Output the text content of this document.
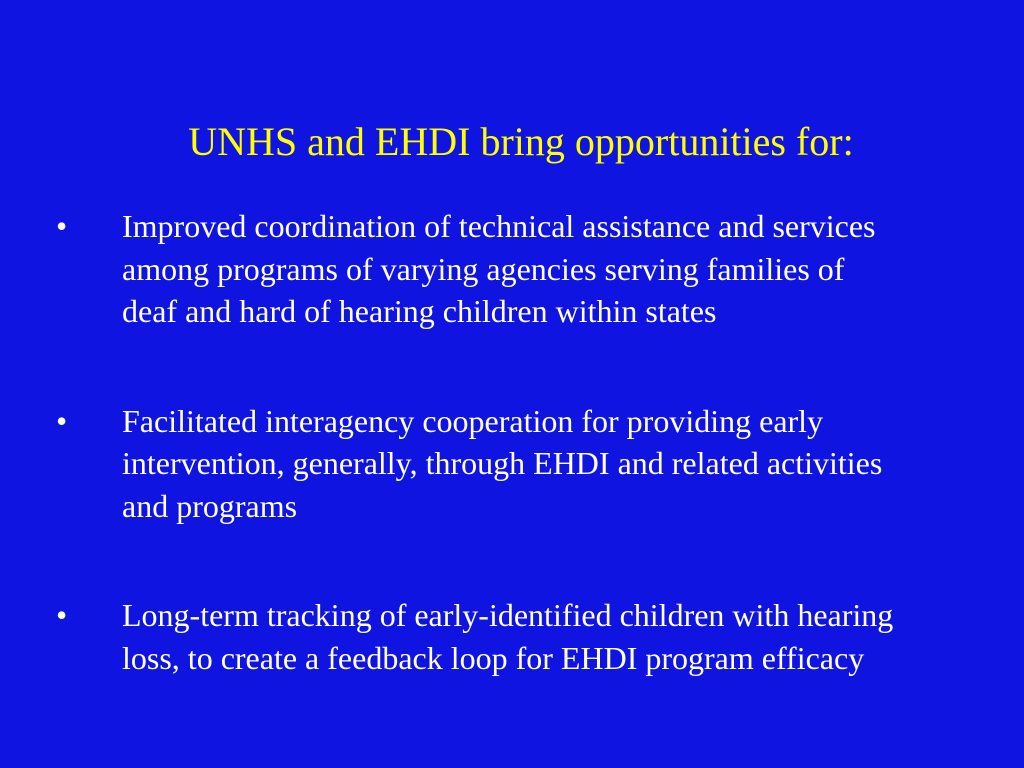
UNHS and EHDI bring opportunities for:
• Improved coordination of technical assistance and services among programs of varying agencies serving families of deaf and hard of hearing children within states
• Facilitated interagency cooperation for providing early intervention, generally, through EHDI and related activities and programs
• Long-term tracking of early-identified children with hearing loss, to create a feedback loop for EHDI program efficacy
